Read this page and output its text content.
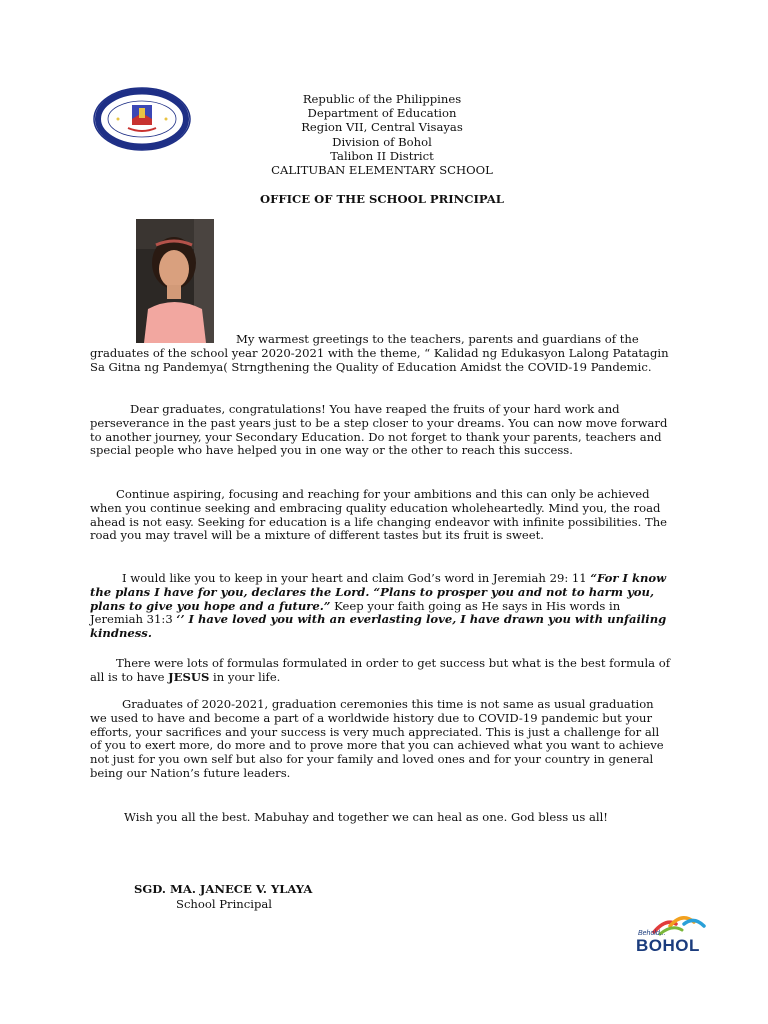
Republic of the Philippines
Department of Education
Region VII, Central Visayas
Division of Bohol
Talibon II District
CALITUBAN ELEMENTARY SCHOOL
OFFICE OF THE SCHOOL PRINCIPAL

My warmest greetings to the teachers, parents and guardians of the graduates of the school year 2020-2021 with the theme, “ Kalidad ng Edukasyon Lalong Patatagin Sa Gitna ng Pandemya( Strngthening the Quality of Education Amidst the COVID-19 Pandemic.

Dear graduates, congratulations! You have reaped the fruits of your hard work and perseverance in the past years just to be a step closer to your dreams. You can now move forward to another journey, your Secondary Education. Do not forget to thank your parents, teachers and special people who have helped you in one way or the other to reach this success.

Continue aspiring, focusing and reaching for your ambitions and this can only be achieved when you continue seeking and embracing quality education wholeheartedly. Mind you, the road ahead is not easy. Seeking for education is a life changing endeavor with infinite possibilities. The road you may travel will be a mixture of different tastes but its fruit is sweet.

I would like you to keep in your heart and claim God’s word in Jeremiah 29: 11 “For I know the plans I have for you, declares the Lord. “Plans to prosper you and not to harm you, plans to give you hope and a future.” Keep your faith going as He says in His words in Jeremiah 31:3 ‘’ I have loved you with an everlasting love, I have drawn you with unfailing kindness.

There were lots of formulas formulated in order to get success but what is the best formula of all is to have JESUS in your life.

Graduates of 2020-2021, graduation ceremonies this time is not same as usual graduation we used to have and become a part of a worldwide history due to COVID-19 pandemic but your efforts, your sacrifices and your success is very much appreciated. This is just a challenge for all of you to exert more, do more and to prove more that you can achieved what you want to achieve not just for you own self but also for your family and loved ones and for your country in general being our Nation’s future leaders.

Wish you all the best. Mabuhay and together we can heal as one. God bless us all!

SGD. MA. JANECE V. YLAYA
School Principal
Behold...
BOHOL
